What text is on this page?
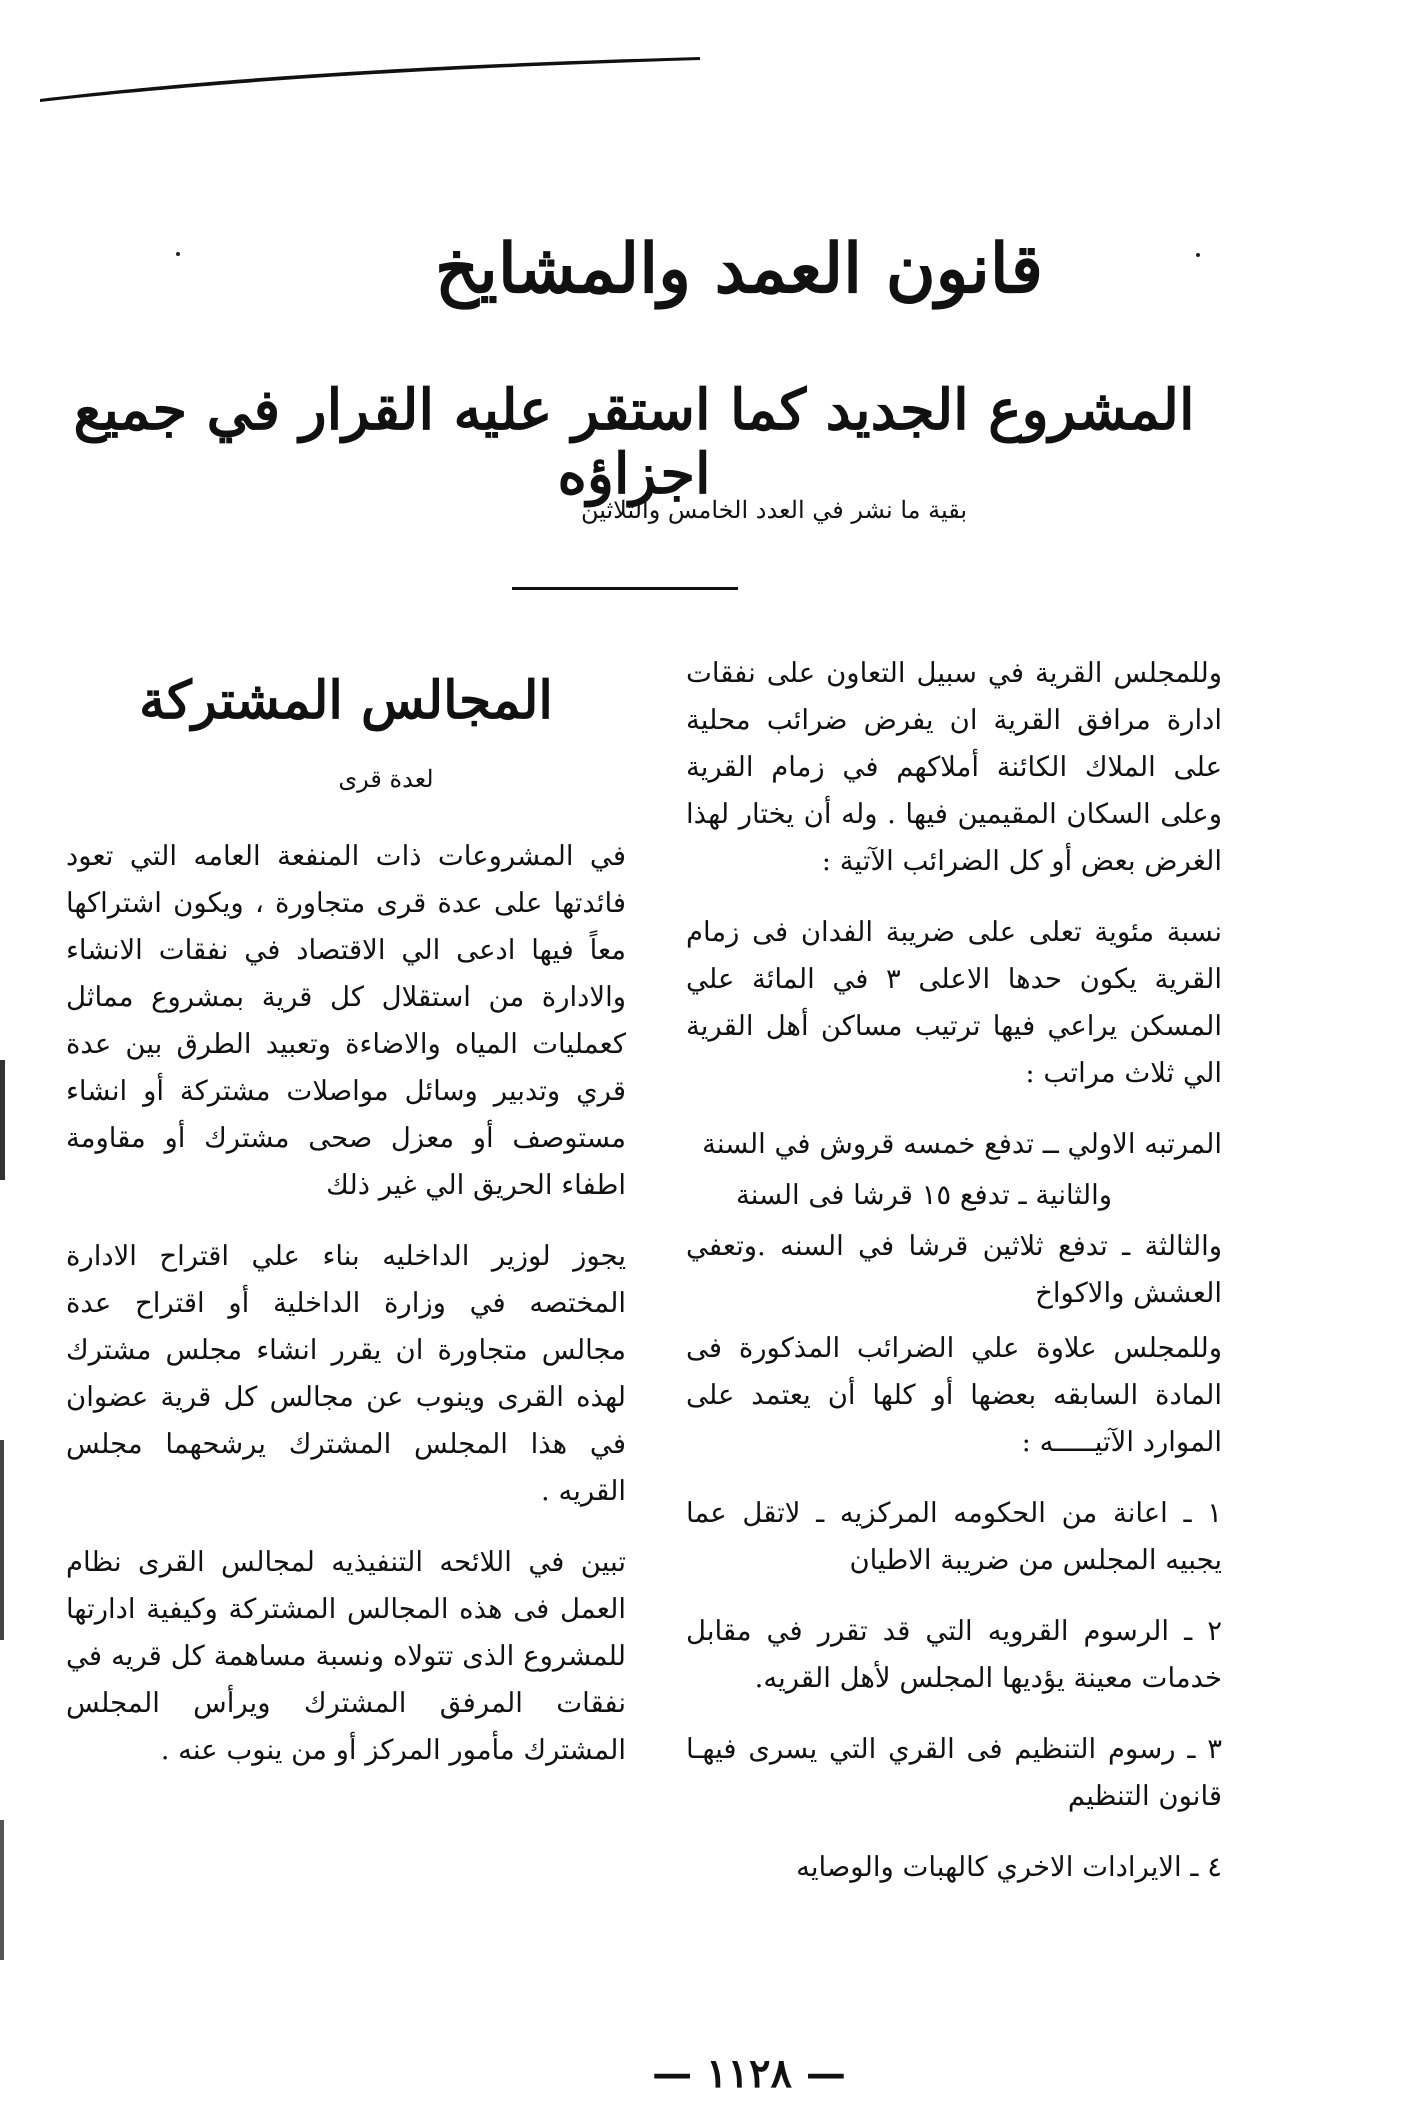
قانون العمد والمشايخ
المشروع الجديد كما استقر عليه القرار في جميع اجزاؤه

بقية ما نشر في العدد الخامس والثلاثين

وللمجلس القرية في سبيل التعاون على نفقات ادارة مرافق القرية ان يفرض ضرائب محلية على الملاك الكائنة أملاكهم في زمام القرية وعلى السكان المقيمين فيها . وله أن يختار لهذا الغرض بعض أو كل الضرائب الآتية :

نسبة مئوية تعلى على ضريبة الفدان فى زمام القرية يكون حدها الاعلى ٣ في المائة علي المسكن يراعي فيها ترتيب مساكن أهل القرية الي ثلاث مراتب :

المرتبه الاولي ــ تدفع خمسه قروش في السنة

والثانية ـ تدفع ١٥ قرشا فى السنة

والثالثة ـ تدفع ثلاثين قرشا في السنه .وتعفي العشش والاكواخ

وللمجلس علاوة علي الضرائب المذكورة فى المادة السابقه بعضها أو كلها أن يعتمد على الموارد الآتيـــــه :

١ ـ اعانة من الحكومه المركزيه ـ لاتقل عما يجبيه المجلس من ضريبة الاطيان

٢ ـ الرسوم القرويه التي قد تقرر في مقابل خدمات معينة يؤديها المجلس لأهل القريه.

٣ ـ رسوم التنظيم فى القري التي يسرى فيهـا قانون التنظيم

٤ ـ الايرادات الاخري كالهبات والوصايه

المجالس المشتركة
لعدة قرى

في المشروعات ذات المنفعة العامه التي تعود فائدتها على عدة قرى متجاورة ، ويكون اشتراكها معاً فيها ادعى الي الاقتصاد في نفقات الانشاء والادارة من استقلال كل قرية بمشروع مماثل كعمليات المياه والاضاءة وتعبيد الطرق بين عدة قري وتدبير وسائل مواصلات مشتركة أو انشاء مستوصف أو معزل صحى مشترك أو مقاومة اطفاء الحريق الي غير ذلك

يجوز لوزير الداخليه بناء علي اقتراح الادارة المختصه في وزارة الداخلية أو اقتراح عدة مجالس متجاورة ان يقرر انشاء مجلس مشترك لهذه القرى وينوب عن مجالس كل قرية عضوان في هذا المجلس المشترك يرشحهما مجلس القريه .

تبين في اللائحه التنفيذيه لمجالس القرى نظام العمل فى هذه المجالس المشتركة وكيفية ادارتها للمشروع الذى تتولاه ونسبة مساهمة كل قريه في نفقات المرفق المشترك ويرأس المجلس المشترك مأمور المركز أو من ينوب عنه .

— ١١٢٨ —
